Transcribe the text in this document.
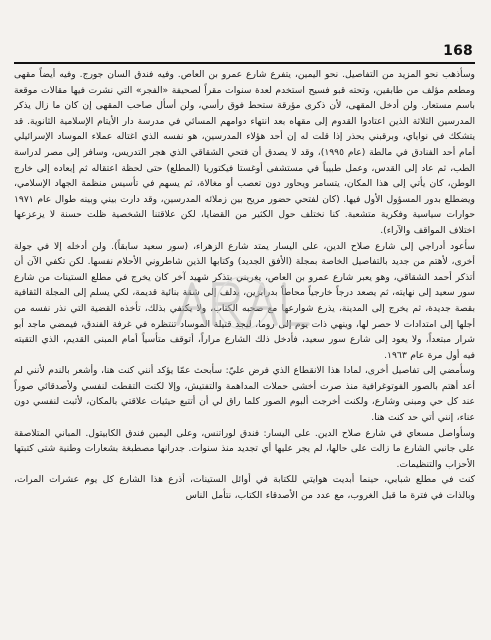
168

وسأذهب نحو المزيد من التفاصيل. نحو اليمين، يتفرع شارع عمرو بن العاص. وفيه فندق السان جورج. وفيه أيضاً مقهى ومطعم مؤلف من طابقين، وتحته قبو فسيح استخدم لعدة سنوات مقراً لصحيفة «الفجر» التي نشرت فيها مقالات موقعة باسم مستعار. ولن أدخل المقهى، لأن ذكرى مؤرقة ستحط فوق رأسي، ولن أسأل صاحب المقهى إن كان ما زال يذكر المدرسين الثلاثة الذين اعتادوا القدوم إلى مقهاه بعد انتهاء دوامهم المسائي في مدرسة دار الأيتام الإسلامية الثانوية. قد يتشكك في نواياي، وبرقبني بحذر إذا قلت له إن أحد هؤلاء المدرسين، هو نفسه الذي اغتاله عملاء الموساد الإسرائيلي أمام أحد الفنادق في مالطة (عام ١٩٩٥)، وقد لا يصدق أن فتحي الشقاقي الذي هجر التدريس، وسافر إلى مصر لدراسة الطب، ثم عاد إلى القدس، وعمل طبيباً في مستشفى أوغستا فيكتوريا (المطلع) حتى لحظة اعتقاله ثم إبعاده إلى خارج الوطن، كان يأتي إلى هذا المكان، يتسامر ويحاور دون تعصب أو مغالاة، ثم يسهم في تأسيس منظمة الجهاد الإسلامي، ويضطلع بدور المسؤول الأول فيها. (كان لفتحي حضور مريح بين زملائه المدرسين، وقد دارت بيني وبينه طوال عام ١٩٧١ حوارات سياسية وفكرية متشعبة. كنا نختلف حول الكثير من القضايا، لكن علاقتنا الشخصية ظلت حسنة لا يزعزعها اختلاف المواقف والآراء).

سأعود أدراجي إلى شارع صلاح الدين، على اليسار يمتد شارع الزهراء، (سور سعيد سابقاً). ولن أدخله إلا في جولة أخرى، لأهتم من جديد بالتفاصيل الخاصة بمجلة (الأفق الجديد) وكتابها الذين شاطروني الأحلام نفسها. لكن تكفي الآن أن أتذكر أحمد الشقاقي، وهو يعبر شارع عمرو بن العاص، يغريني بتذكر شهيد آخر كان يخرج في مطلع الستينات من شارع سور سعيد إلى نهايته، ثم يصعد درجاً خارجياً محاطاً بدرابزين، يدلف إلى شقة بنائية قديمة، لكي يسلم إلى المجلة الثقافية بقصة جديدة، ثم يخرج إلى المدينة، يذرع شوارعها مع صحبه الكتاب، ولا يكتفي بذلك، تأخذه القضية التي نذر نفسه من أجلها إلى امتدادات لا حصر لها، وينهي ذات يوم إلى روما، ليجد قتيلة الموساد تنتظره في غرفة الفندق، فيمضي ماجد أبو شرار مبتعداً، ولا يعود إلى شارع سور سعيد، فأدخل ذلك الشارع مراراً، أتوقف متأسياً أمام المبنى القديم، الذي التقيته فيه أول مرة عام ١٩٦٣.

وسأمضي إلى تفاصيل أخرى، لمادا هذا الانقطاع الذي فرض عليّ: سأبحث عمّا يؤكد أنني كنت هنا، وأشعر بالندم لأنني لم أعد أهتم بالصور الفوتوغرافية منذ صرت أخشى حملات المداهمة والتفتيش، وإلا لكنت التقطت لنفسي ولأصدقائي صوراً عند كل حي ومبنى وشارع، ولكنت أخرجت ألبوم الصور كلما راق لي أن أتتبع حيثيات علاقتي بالمكان، لأثبت لنفسي دون عناء، إنني أتي حد كنت هنا.

وسأواصل مسعاي في شارع صلاح الدين. على اليسار: فندق لوراتنس، وعلى اليمين فندق الكابيتول. المباني المتلاصقة على جانبي الشارع ما زالت على حالها، لم يجر عليها أي تجديد منذ سنوات. جدرانها مصطبغة بشعارات وطنية شتى كتبتها الأحزاب والتنظيمات.

كنت في مطلع شبابي، حينما أبديت هوايتي للكتابة في أوائل الستينات، أذرع هذا الشارع كل يوم عشرات المرات، وبالذات في فترة ما قبل الغروب، مع عدد من الأصدقاء الكتاب، نتأمل الناس
